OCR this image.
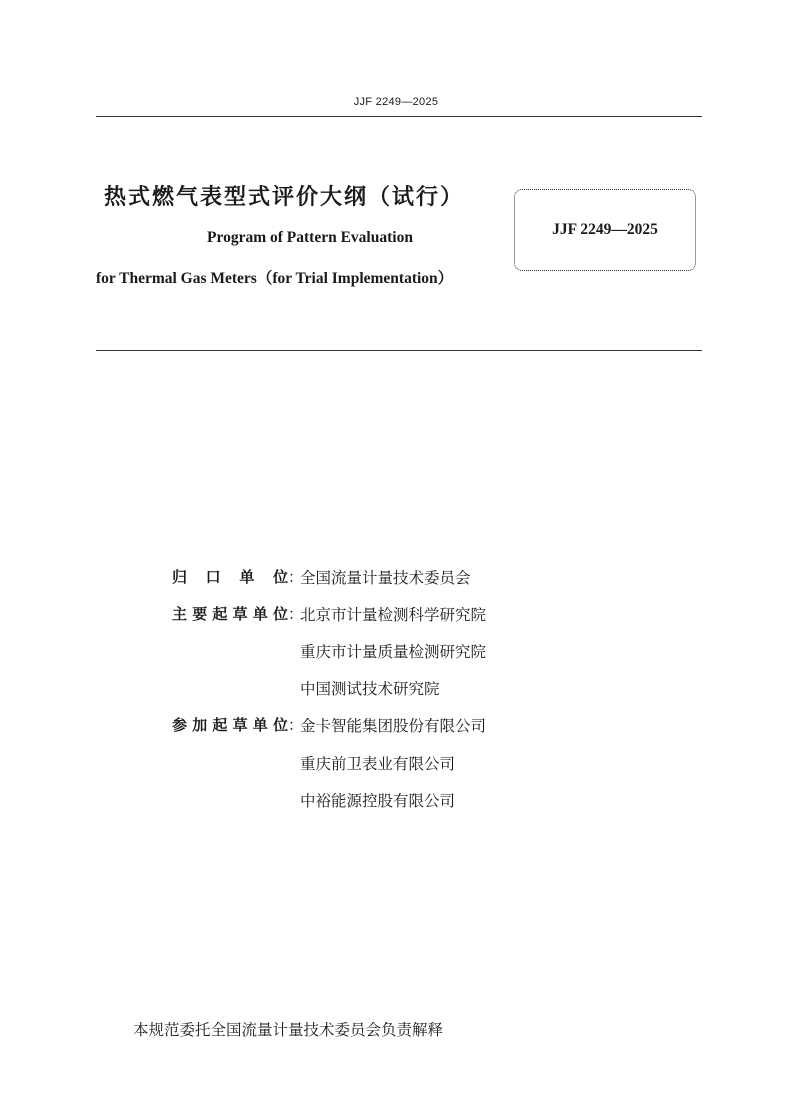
JJF 2249—2025
热式燃气表型式评价大纲（试行）
Program of Pattern Evaluation
for Thermal Gas Meters（for Trial Implementation）
JJF 2249—2025
归 口 单 位 ：
全国流量计量技术委员会
主要起草单位 ：
北京市计量检测科学研究院
重庆市计量质量检测研究院
中国测试技术研究院
参加起草单位 ：
金卡智能集团股份有限公司
重庆前卫表业有限公司
中裕能源控股有限公司
本规范委托全国流量计量技术委员会负责解释
